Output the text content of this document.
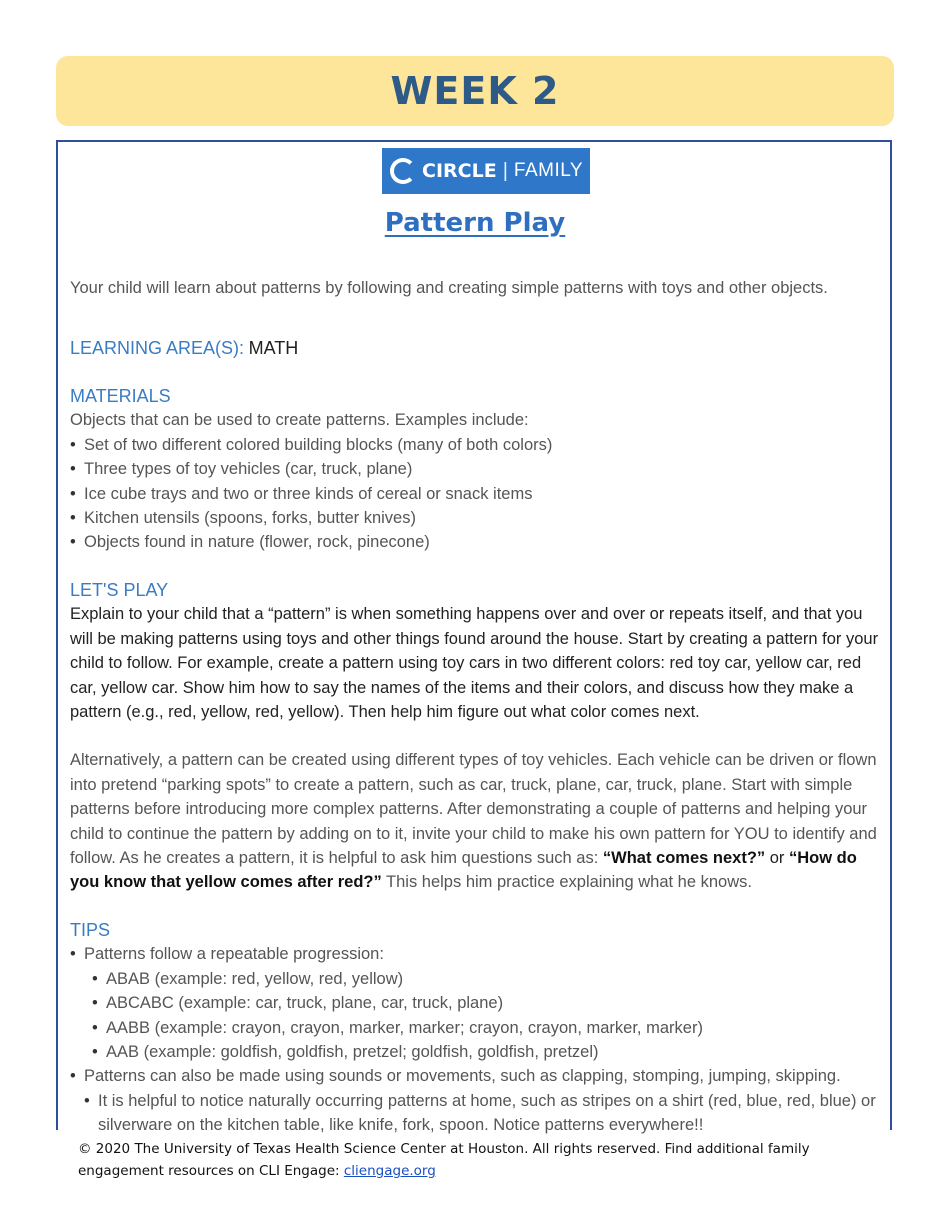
WEEK 2
CIRCLE | FAMILY
Pattern Play

Your child will learn about patterns by following and creating simple patterns with toys and other objects.

LEARNING AREA(S): MATH

MATERIALS
Objects that can be used to create patterns. Examples include:
• Set of two different colored building blocks (many of both colors)
• Three types of toy vehicles (car, truck, plane)
• Ice cube trays and two or three kinds of cereal or snack items
• Kitchen utensils (spoons, forks, butter knives)
• Objects found in nature (flower, rock, pinecone)
LET'S PLAY

Explain to your child that a “pattern” is when something happens over and over or repeats itself, and that you will be making patterns using toys and other things found around the house. Start by creating a pattern for your child to follow. For example, create a pattern using toy cars in two different colors: red toy car, yellow car, red car, yellow car. Show him how to say the names of the items and their colors, and discuss how they make a pattern (e.g., red, yellow, red, yellow). Then help him figure out what color comes next.

Alternatively, a pattern can be created using different types of toy vehicles. Each vehicle can be driven or flown into pretend “parking spots” to create a pattern, such as car, truck, plane, car, truck, plane. Start with simple patterns before introducing more complex patterns. After demonstrating a couple of patterns and helping your child to continue the pattern by adding on to it, invite your child to make his own pattern for YOU to identify and follow. As he creates a pattern, it is helpful to ask him questions such as: “What comes next?” or “How do you know that yellow comes after red?” This helps him practice explaining what he knows.

TIPS
• Patterns follow a repeatable progression:
• ABAB (example: red, yellow, red, yellow)
• ABCABC (example: car, truck, plane, car, truck, plane)
• AABB (example: crayon, crayon, marker, marker; crayon, crayon, marker, marker)
• AAB (example: goldfish, goldfish, pretzel; goldfish, goldfish, pretzel)
• Patterns can also be made using sounds or movements, such as clapping, stomping, jumping, skipping.
• It is helpful to notice naturally occurring patterns at home, such as stripes on a shirt (red, blue, red, blue) or silverware on the kitchen table, like knife, fork, spoon. Notice patterns everywhere!!
© 2020 The University of Texas Health Science Center at Houston. All rights reserved. Find additional family engagement resources on CLI Engage: cliengage.org
